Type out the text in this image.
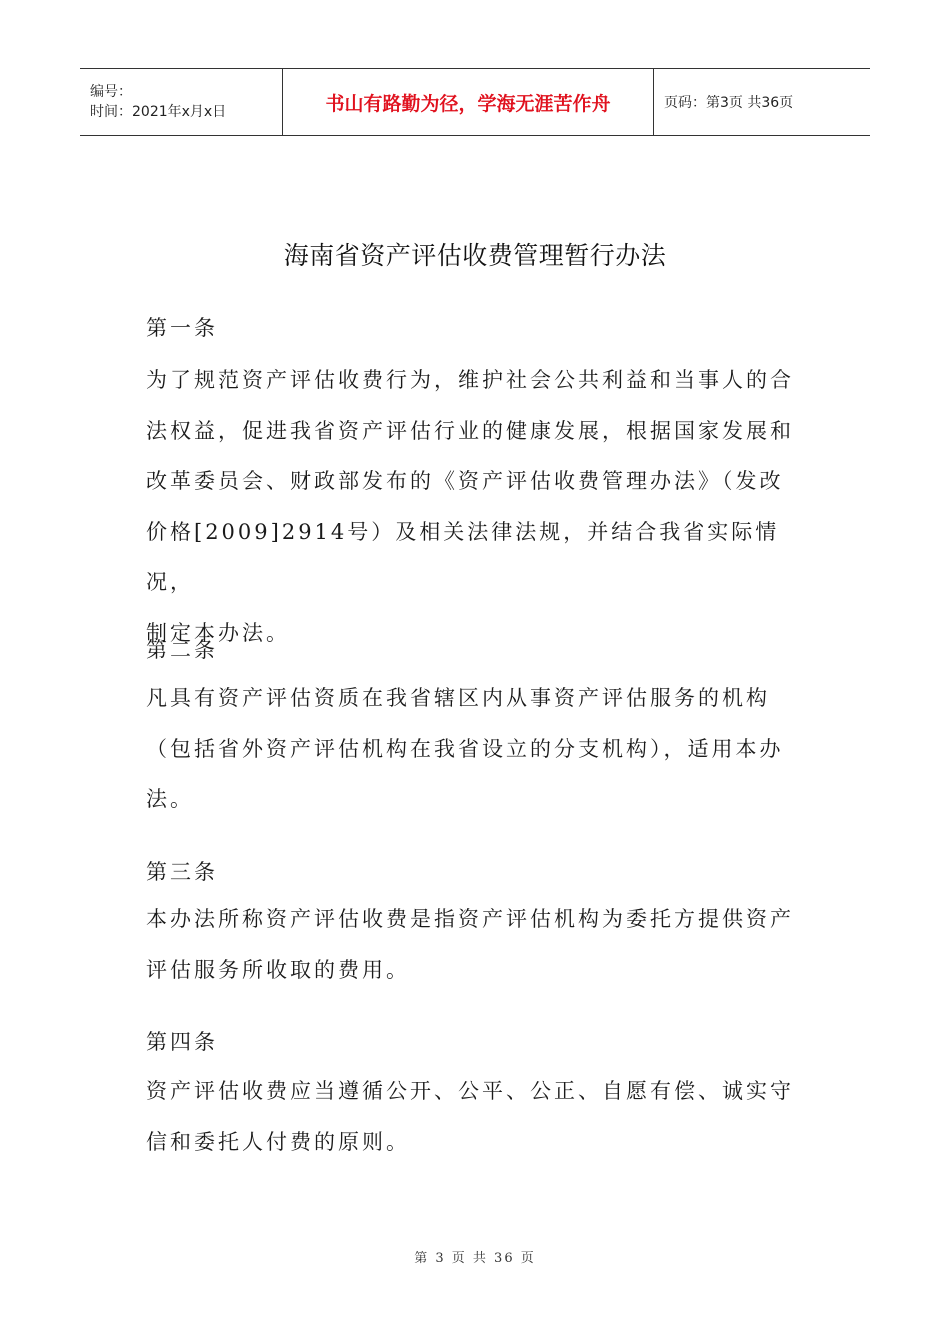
编号：
时间：2021年x月x日	书山有路勤为径，学海无涯苦作舟	页码：第3页 共36页
海南省资产评估收费管理暂行办法
第一条
为了规范资产评估收费行为，维护社会公共利益和当事人的合
法权益，促进我省资产评估行业的健康发展，根据国家发展和
改革委员会、财政部发布的《资产评估收费管理办法》（发改
价格[2009]2914号）及相关法律法规，并结合我省实际情况，
制定本办法。
第二条
凡具有资产评估资质在我省辖区内从事资产评估服务的机构
（包括省外资产评估机构在我省设立的分支机构），适用本办
法。
第三条
本办法所称资产评估收费是指资产评估机构为委托方提供资产
评估服务所收取的费用。
第四条
资产评估收费应当遵循公开、公平、公正、自愿有偿、诚实守
信和委托人付费的原则。
第 3 页 共 36 页
